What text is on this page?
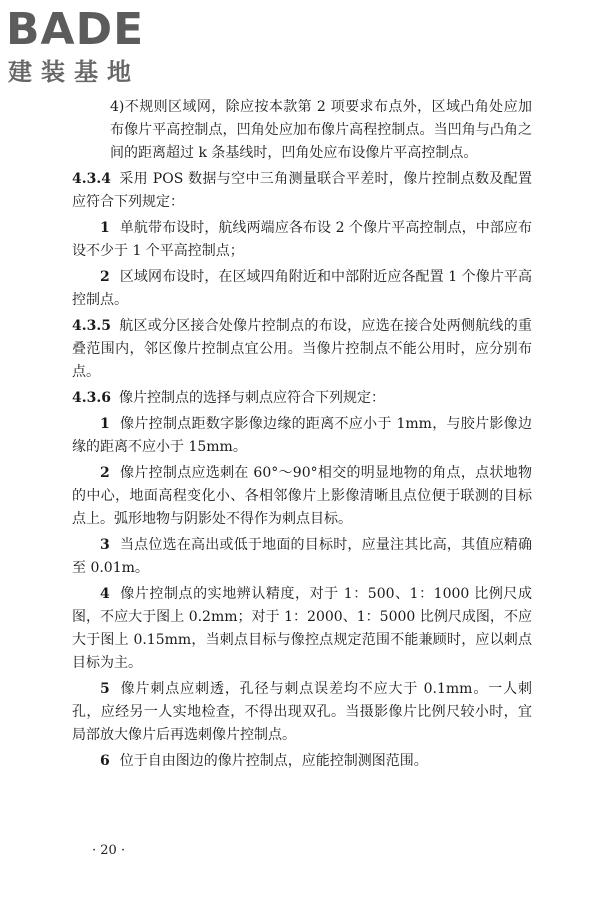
BADE
建装基地

4)不规则区域网，除应按本款第 2 项要求布点外，区域凸角处应加布像片平高控制点，凹角处应加布像片高程控制点。当凹角与凸角之间的距离超过 k 条基线时，凹角处应布设像片平高控制点。

4.3.4 采用 POS 数据与空中三角测量联合平差时，像片控制点数及配置应符合下列规定：

1 单航带布设时，航线两端应各布设 2 个像片平高控制点，中部应布设不少于 1 个平高控制点；

2 区域网布设时，在区域四角附近和中部附近应各配置 1 个像片平高控制点。

4.3.5 航区或分区接合处像片控制点的布设，应选在接合处两侧航线的重叠范围内，邻区像片控制点宜公用。当像片控制点不能公用时，应分别布点。

4.3.6 像片控制点的选择与刺点应符合下列规定：

1 像片控制点距数字影像边缘的距离不应小于 1mm，与胶片影像边缘的距离不应小于 15mm。

2 像片控制点应选刺在 60°～90°相交的明显地物的角点，点状地物的中心，地面高程变化小、各相邻像片上影像清晰且点位便于联测的目标点上。弧形地物与阴影处不得作为刺点目标。

3 当点位选在高出或低于地面的目标时，应量注其比高，其值应精确至 0.01m。

4 像片控制点的实地辨认精度，对于 1：500、1：1000 比例尺成图，不应大于图上 0.2mm；对于 1：2000、1：5000 比例尺成图，不应大于图上 0.15mm，当刺点目标与像控点规定范围不能兼顾时，应以刺点目标为主。

5 像片刺点应刺透，孔径与刺点误差均不应大于 0.1mm。一人刺孔，应经另一人实地检查，不得出现双孔。当摄影像片比例尺较小时，宜局部放大像片后再选刺像片控制点。

6 位于自由图边的像片控制点，应能控制测图范围。

· 20 ·
